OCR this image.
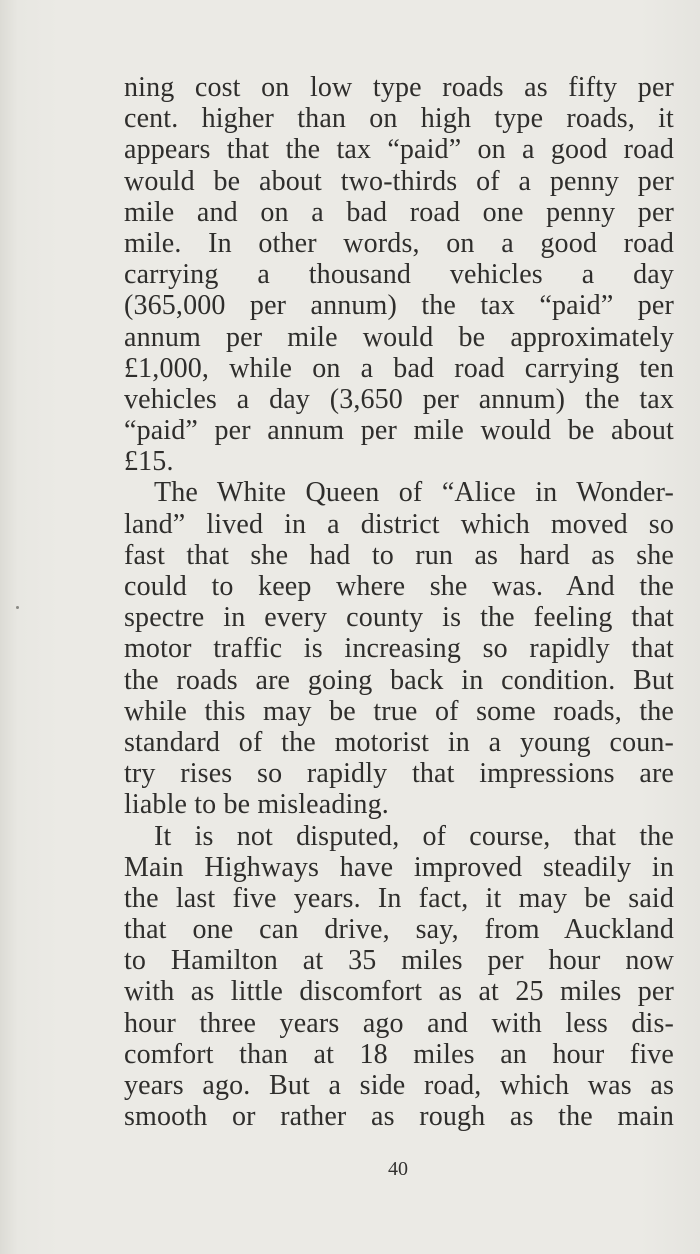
ning cost on low type roads as fifty per
cent. higher than on high type roads, it
appears that the tax “paid” on a good road
would be about two-thirds of a penny per
mile and on a bad road one penny per
mile. In other words, on a good road
carrying a thousand vehicles a day
(365,000 per annum) the tax “paid” per
annum per mile would be approximately
£1,000, while on a bad road carrying ten
vehicles a day (3,650 per annum) the tax
“paid” per annum per mile would be about
£15.
The White Queen of “Alice in Wonder-
land” lived in a district which moved so
fast that she had to run as hard as she
could to keep where she was. And the
spectre in every county is the feeling that
motor traffic is increasing so rapidly that
the roads are going back in condition. But
while this may be true of some roads, the
standard of the motorist in a young coun-
try rises so rapidly that impressions are
liable to be misleading.
It is not disputed, of course, that the
Main Highways have improved steadily in
the last five years. In fact, it may be said
that one can drive, say, from Auckland
to Hamilton at 35 miles per hour now
with as little discomfort as at 25 miles per
hour three years ago and with less dis-
comfort than at 18 miles an hour five
years ago. But a side road, which was as
smooth or rather as rough as the main
40
